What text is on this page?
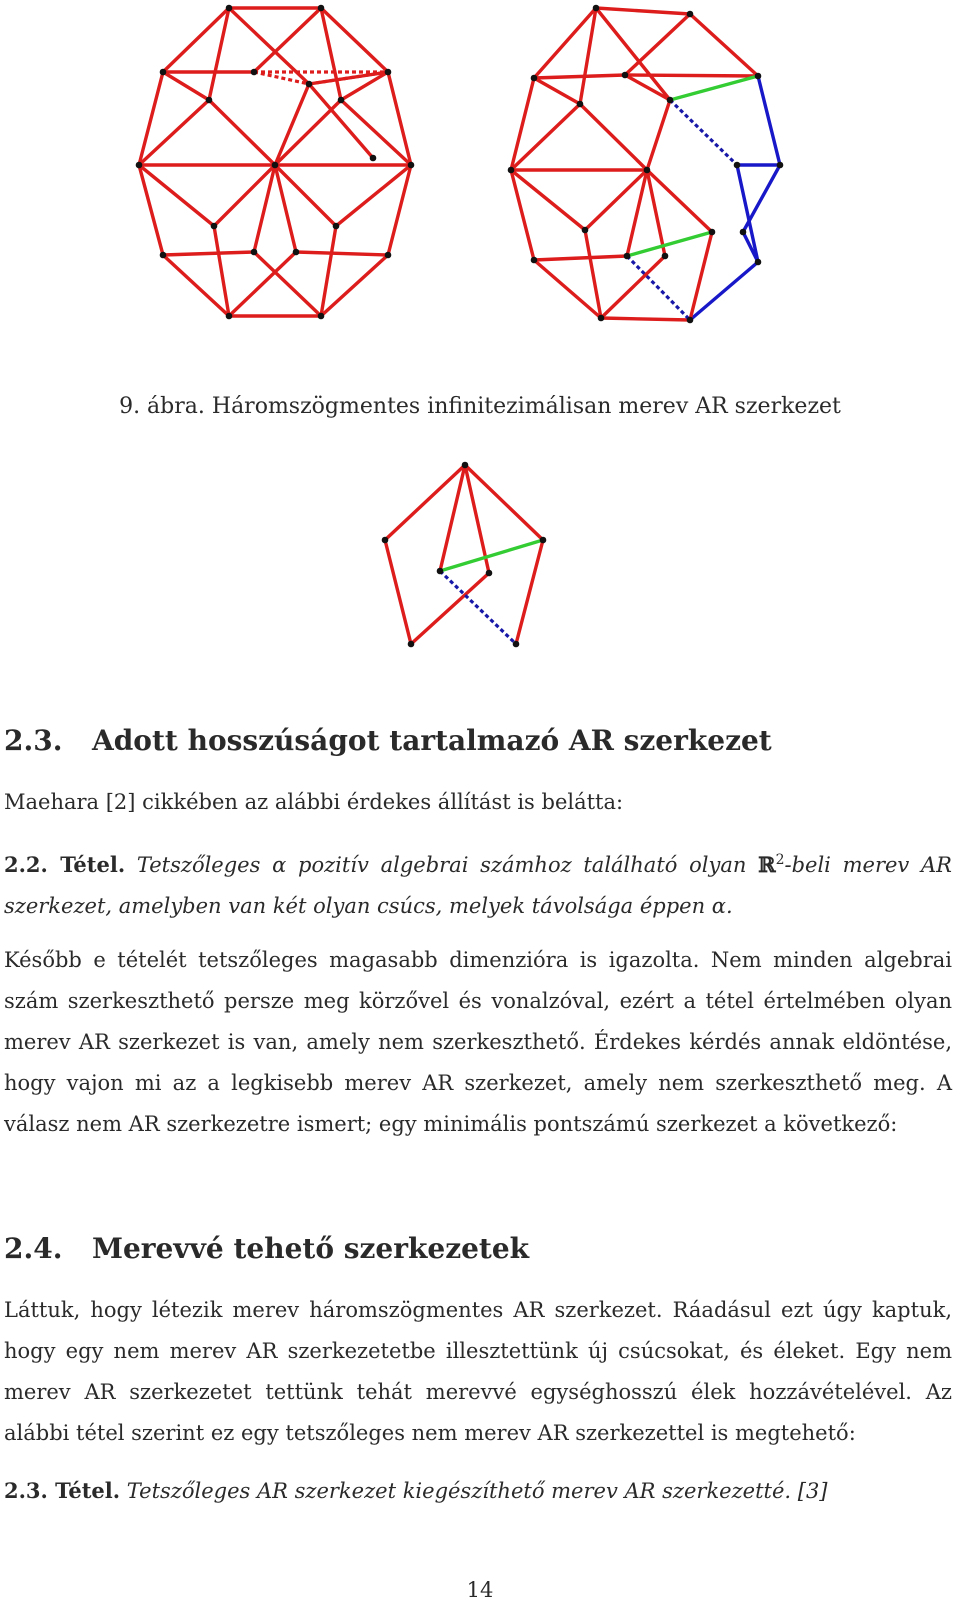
9. ábra. Háromszögmentes infinitezimálisan merev AR szerkezet
2.3. Adott hosszúságot tartalmazó AR szerkezet
Maehara [2] cikkében az alábbi érdekes állítást is belátta:
2.2. Tétel. Tetszőleges α pozitív algebrai számhoz található olyan ℝ$^2$-beli merev AR szerkezet, amelyben van két olyan csúcs, melyek távolsága éppen α.
Később e tételét tetszőleges magasabb dimenzióra is igazolta. Nem minden algebrai szám szerkeszthető persze meg körzővel és vonalzóval, ezért a tétel értelmében olyan merev AR szerkezet is van, amely nem szerkeszthető. Érdekes kérdés annak eldöntése, hogy vajon mi az a legkisebb merev AR szerkezet, amely nem szerkeszthető meg. A válasz nem AR szerkezetre ismert; egy minimális pontszámú szerkezet a következő:
2.4. Merevvé tehető szerkezetek
Láttuk, hogy létezik merev háromszögmentes AR szerkezet. Ráadásul ezt úgy kaptuk, hogy egy nem merev AR szerkezetetbe illesztettünk új csúcsokat, és éleket. Egy nem merev AR szerkezetet tettünk tehát merevvé egységhosszú élek hozzávételével. Az alábbi tétel szerint ez egy tetszőleges nem merev AR szerkezettel is megtehető:
2.3. Tétel. Tetszőleges AR szerkezet kiegészíthető merev AR szerkezetté. [3]
14
